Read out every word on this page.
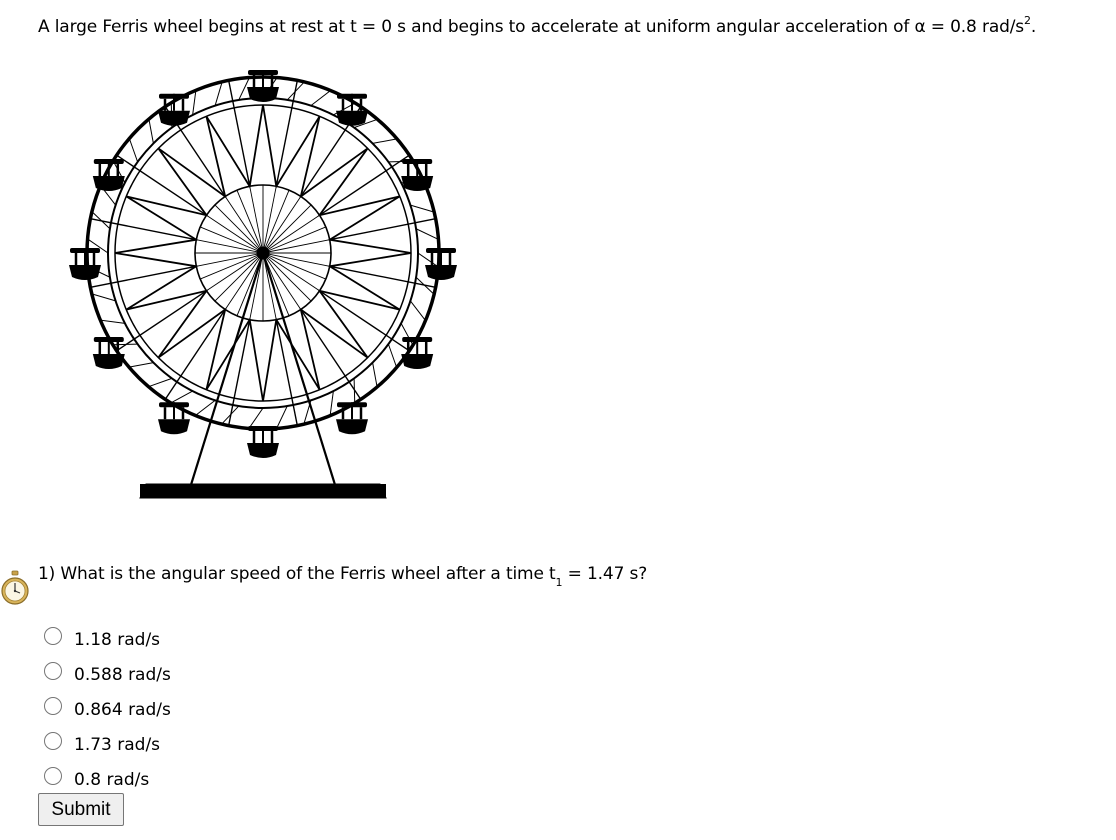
A large Ferris wheel begins at rest at t = 0 s and begins to accelerate at uniform angular acceleration of α = 0.8 rad/$s^2$.
1) What is the angular speed of the Ferris wheel after a time $t_1 = 1.47$ s?
1.18 rad/s
0.588 rad/s
0.864 rad/s
1.73 rad/s
0.8 rad/s
Submit
